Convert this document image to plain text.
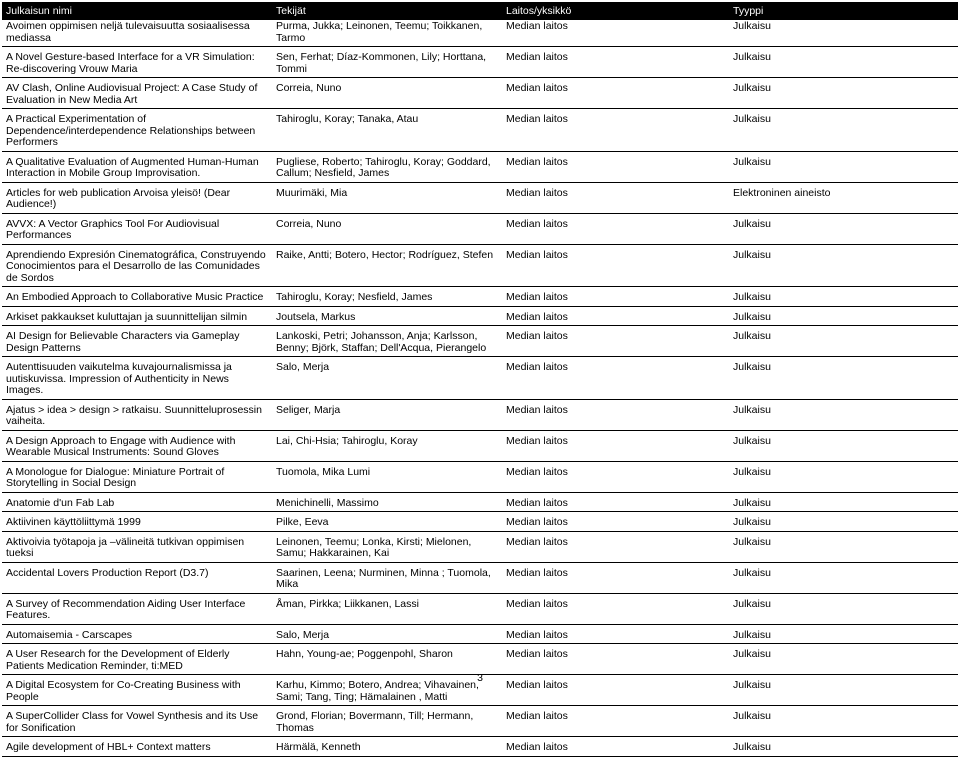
Julkaisun nimi	Tekijät	Laitos/yksikkö	Tyyppi
Avoimen oppimisen neljä tulevaisuutta sosiaalisessa mediassa	Purma, Jukka; Leinonen, Teemu; Toikkanen, Tarmo	Median laitos	Julkaisu
A Novel Gesture-based Interface for a VR Simulation: Re-discovering Vrouw Maria	Sen, Ferhat; Díaz-Kommonen, Lily; Horttana, Tommi	Median laitos	Julkaisu
AV Clash, Online Audiovisual Project: A Case Study of Evaluation in New Media Art	Correia, Nuno	Median laitos	Julkaisu
A Practical Experimentation of Dependence/interdependence Relationships between Performers	Tahiroglu, Koray; Tanaka, Atau	Median laitos	Julkaisu
A Qualitative Evaluation of Augmented Human-Human Interaction in Mobile Group Improvisation.	Pugliese, Roberto; Tahiroglu, Koray; Goddard, Callum; Nesfield, James	Median laitos	Julkaisu
Articles for web publication Arvoisa yleisö! (Dear Audience!)	Muurimäki, Mia	Median laitos	Elektroninen aineisto
AVVX: A Vector Graphics Tool For Audiovisual Performances	Correia, Nuno	Median laitos	Julkaisu
Aprendiendo Expresión Cinematográfica, Construyendo Conocimientos para el Desarrollo de las Comunidades de Sordos	Raike, Antti; Botero, Hector; Rodríguez, Stefen	Median laitos	Julkaisu
An Embodied Approach to Collaborative Music Practice	Tahiroglu, Koray; Nesfield, James	Median laitos	Julkaisu
Arkiset pakkaukset kuluttajan ja suunnittelijan silmin	Joutsela, Markus	Median laitos	Julkaisu
AI Design for Believable Characters via Gameplay Design Patterns	Lankoski, Petri; Johansson, Anja; Karlsson, Benny; Björk, Staffan; Dell'Acqua, Pierangelo	Median laitos	Julkaisu
Autenttisuuden vaikutelma kuvajournalismissa ja uutiskuvissa. Impression of Authenticity in News Images.	Salo, Merja	Median laitos	Julkaisu
Ajatus > idea > design > ratkaisu. Suunnitteluprosessin vaiheita.	Seliger, Marja	Median laitos	Julkaisu
A Design Approach to Engage with Audience with Wearable Musical Instruments: Sound Gloves	Lai, Chi-Hsia; Tahiroglu, Koray	Median laitos	Julkaisu
A Monologue for Dialogue: Miniature Portrait of Storytelling in Social Design	Tuomola, Mika Lumi	Median laitos	Julkaisu
Anatomie d'un Fab Lab	Menichinelli, Massimo	Median laitos	Julkaisu
Aktiivinen käyttöliittymä 1999	Pilke, Eeva	Median laitos	Julkaisu
Aktivoivia työtapoja ja –välineitä tutkivan oppimisen tueksi	Leinonen, Teemu; Lonka, Kirsti; Mielonen, Samu; Hakkarainen, Kai	Median laitos	Julkaisu
Accidental Lovers Production Report (D3.7)	Saarinen, Leena; Nurminen, Minna ; Tuomola, Mika	Median laitos	Julkaisu
A Survey of Recommendation Aiding User Interface Features.	Åman, Pirkka; Liikkanen, Lassi	Median laitos	Julkaisu
Automaisemia - Carscapes	Salo, Merja	Median laitos	Julkaisu
A User Research for the Development of Elderly Patients Medication Reminder, ti:MED	Hahn, Young-ae; Poggenpohl, Sharon	Median laitos	Julkaisu
A Digital Ecosystem for Co-Creating Business with People	Karhu, Kimmo; Botero, Andrea; Vihavainen, Sami; Tang, Ting; Hämalainen , Matti	Median laitos	Julkaisu
A SuperCollider Class for Vowel Synthesis and its Use for Sonification	Grond, Florian; Bovermann, Till; Hermann, Thomas	Median laitos	Julkaisu
Agile development of HBL+ Context matters	Härmälä, Kenneth	Median laitos	Julkaisu
3
